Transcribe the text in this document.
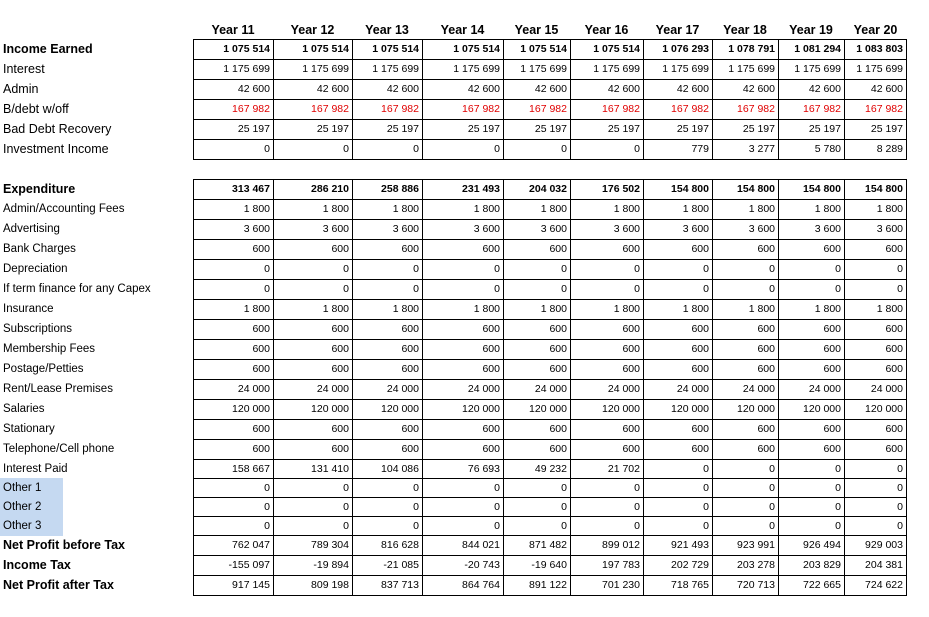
Year 11	Year 12	Year 13	Year 14	Year 15	Year 16	Year 17	Year 18	Year 19	Year 20
Income Earned	1 075 514	1 075 514	1 075 514	1 075 514	1 075 514	1 075 514	1 076 293	1 078 791	1 081 294	1 083 803
Interest	1 175 699	1 175 699	1 175 699	1 175 699	1 175 699	1 175 699	1 175 699	1 175 699	1 175 699	1 175 699
Admin	42 600	42 600	42 600	42 600	42 600	42 600	42 600	42 600	42 600	42 600
B/debt w/off	167 982	167 982	167 982	167 982	167 982	167 982	167 982	167 982	167 982	167 982
Bad Debt Recovery	25 197	25 197	25 197	25 197	25 197	25 197	25 197	25 197	25 197	25 197
Investment Income	0	0	0	0	0	0	779	3 277	5 780	8 289
Expenditure	313 467	286 210	258 886	231 493	204 032	176 502	154 800	154 800	154 800	154 800
Admin/Accounting Fees	1 800	1 800	1 800	1 800	1 800	1 800	1 800	1 800	1 800	1 800
Advertising	3 600	3 600	3 600	3 600	3 600	3 600	3 600	3 600	3 600	3 600
Bank Charges	600	600	600	600	600	600	600	600	600	600
Depreciation	0	0	0	0	0	0	0	0	0	0
If term finance for any Capex	0	0	0	0	0	0	0	0	0	0
Insurance	1 800	1 800	1 800	1 800	1 800	1 800	1 800	1 800	1 800	1 800
Subscriptions	600	600	600	600	600	600	600	600	600	600
Membership Fees	600	600	600	600	600	600	600	600	600	600
Postage/Petties	600	600	600	600	600	600	600	600	600	600
Rent/Lease Premises	24 000	24 000	24 000	24 000	24 000	24 000	24 000	24 000	24 000	24 000
Salaries	120 000	120 000	120 000	120 000	120 000	120 000	120 000	120 000	120 000	120 000
Stationary	600	600	600	600	600	600	600	600	600	600
Telephone/Cell phone	600	600	600	600	600	600	600	600	600	600
Interest Paid	158 667	131 410	104 086	76 693	49 232	21 702	0	0	0	0
Other 1	0	0	0	0	0	0	0	0	0	0
Other 2	0	0	0	0	0	0	0	0	0	0
Other 3	0	0	0	0	0	0	0	0	0	0
Net Profit before Tax	762 047	789 304	816 628	844 021	871 482	899 012	921 493	923 991	926 494	929 003
Income Tax	-155 097	-19 894	-21 085	-20 743	-19 640	197 783	202 729	203 278	203 829	204 381
Net Profit after Tax	917 145	809 198	837 713	864 764	891 122	701 230	718 765	720 713	722 665	724 622
